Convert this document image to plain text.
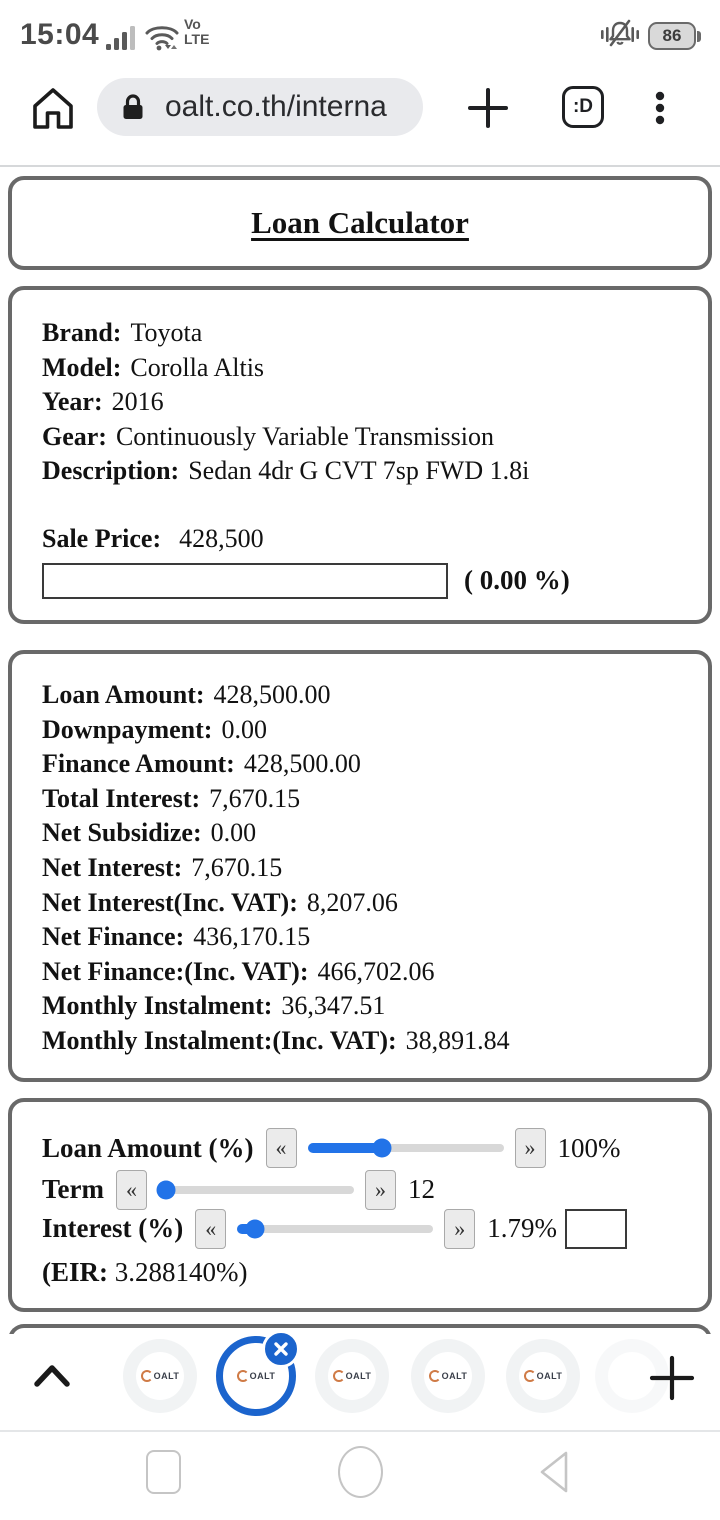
15:04	Vo
LTE	86
oalt.co.th/interna	:D
Loan Calculator
Brand: Toyota
Model: Corolla Altis
Year: 2016
Gear: Continuously Variable Transmission
Description: Sedan 4dr G CVT 7sp FWD 1.8i
Sale Price: 428,500
( 0.00 %)
Loan Amount: 428,500.00
Downpayment: 0.00
Finance Amount: 428,500.00
Total Interest: 7,670.15
Net Subsidize: 0.00
Net Interest: 7,670.15
Net Interest(Inc. VAT): 8,207.06
Net Finance: 436,170.15
Net Finance:(Inc. VAT): 466,702.06
Monthly Instalment: 36,347.51
Monthly Instalment:(Inc. VAT): 38,891.84
Loan Amount (%)	«	» 100%
Term	«	» 12
Interest (%)	«	» 1.79%
(EIR: 3.288140%)
OALT	OALT	OALT	OALT	OALT
